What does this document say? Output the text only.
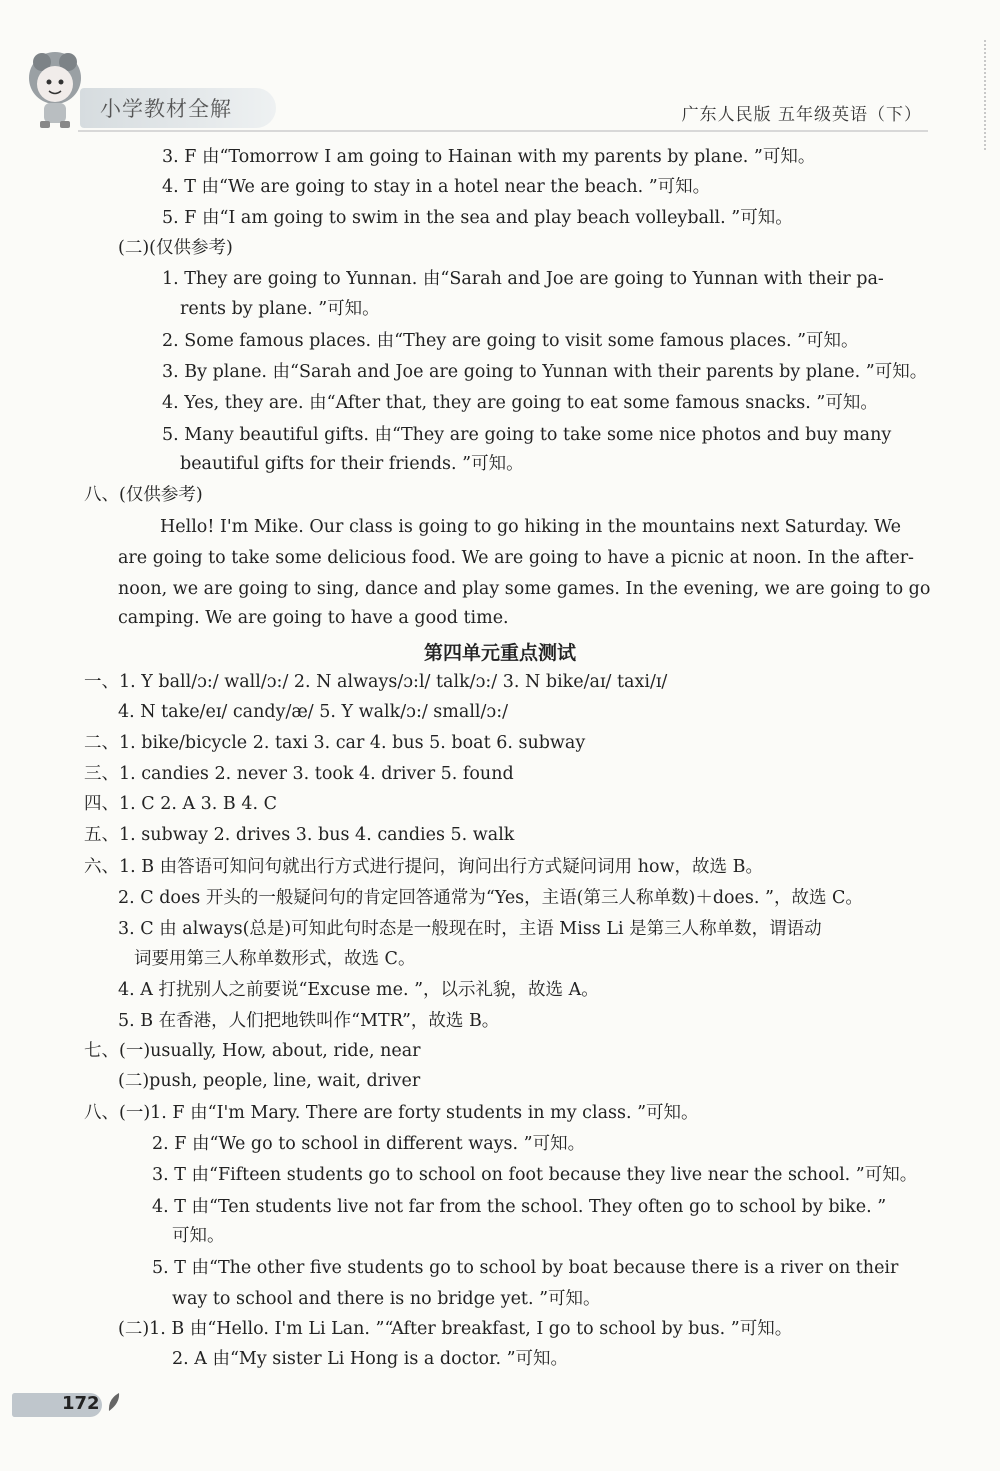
小学教材全解	广东人民版 五年级英语（下）
3. F 由“Tomorrow I am going to Hainan with my parents by plane. ”可知。
4. T 由“We are going to stay in a hotel near the beach. ”可知。
5. F 由“I am going to swim in the sea and play beach volleyball. ”可知。
(二)(仅供参考)
1. They are going to Yunnan. 由“Sarah and Joe are going to Yunnan with their pa-
rents by plane. ”可知。
2. Some famous places. 由“They are going to visit some famous places. ”可知。
3. By plane. 由“Sarah and Joe are going to Yunnan with their parents by plane. ”可知。
4. Yes, they are. 由“After that, they are going to eat some famous snacks. ”可知。
5. Many beautiful gifts. 由“They are going to take some nice photos and buy many
beautiful gifts for their friends. ”可知。
八、(仅供参考)
Hello! I'm Mike. Our class is going to go hiking in the mountains next Saturday. We
are going to take some delicious food. We are going to have a picnic at noon. In the after-
noon, we are going to sing, dance and play some games. In the evening, we are going to go
camping. We are going to have a good time.
一、1. Y ball/ɔ:/ wall/ɔ:/ 2. N always/ɔ:l/ talk/ɔ:/ 3. N bike/aɪ/ taxi/ɪ/
4. N take/eɪ/ candy/æ/ 5. Y walk/ɔ:/ small/ɔ:/
二、1. bike/bicycle 2. taxi 3. car 4. bus 5. boat 6. subway
三、1. candies 2. never 3. took 4. driver 5. found
四、1. C 2. A 3. B 4. C
五、1. subway 2. drives 3. bus 4. candies 5. walk
六、1. B 由答语可知问句就出行方式进行提问，询问出行方式疑问词用 how，故选 B。
2. C does 开头的一般疑问句的肯定回答通常为“Yes，主语(第三人称单数)＋does. ”，故选 C。
3. C 由 always(总是)可知此句时态是一般现在时，主语 Miss Li 是第三人称单数，谓语动
词要用第三人称单数形式，故选 C。
4. A 打扰别人之前要说“Excuse me. ”，以示礼貌，故选 A。
5. B 在香港，人们把地铁叫作“MTR”，故选 B。
七、(一)usually, How, about, ride, near
(二)push, people, line, wait, driver
八、(一)1. F 由“I'm Mary. There are forty students in my class. ”可知。
2. F 由“We go to school in different ways. ”可知。
3. T 由“Fifteen students go to school on foot because they live near the school. ”可知。
4. T 由“Ten students live not far from the school. They often go to school by bike. ”
可知。
5. T 由“The other five students go to school by boat because there is a river on their
way to school and there is no bridge yet. ”可知。
(二)1. B 由“Hello. I'm Li Lan. ”“After breakfast, I go to school by bus. ”可知。
2. A 由“My sister Li Hong is a doctor. ”可知。
第四单元重点测试
172
